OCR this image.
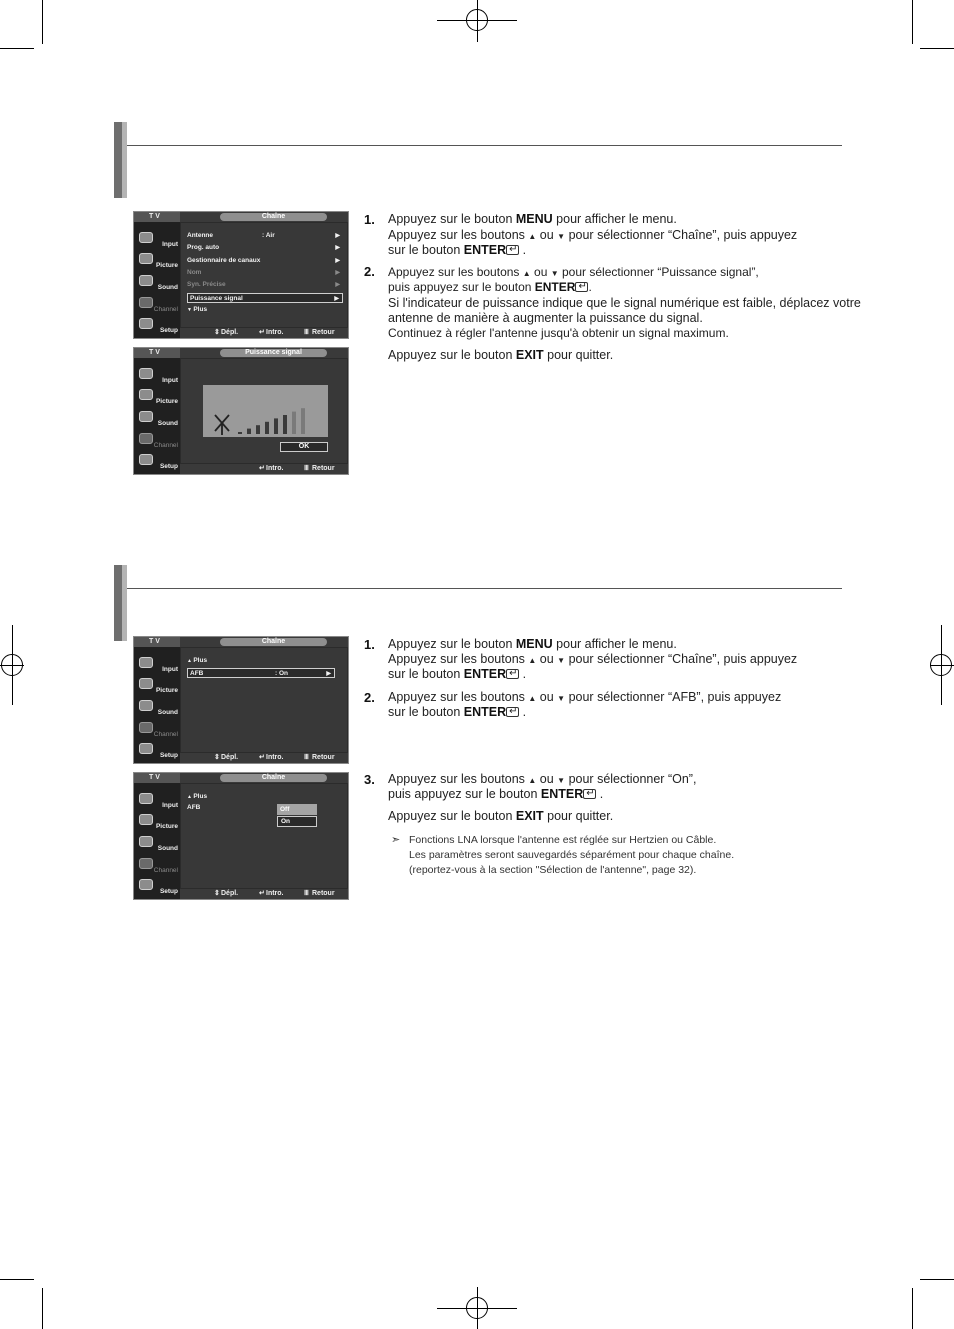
T V	Chaîne
Input
Picture
Sound
Channel
Setup
Antenne	: Air	▶
Prog. auto	▶
Gestionnaire de canaux	▶
Nom	▶
Syn. Précise	▶
Puissance signal	▶
▼ Plus
⇕ Dépl.	↵ Intro.	Ⅲ Retour
T V	Puissance signal
Input
Picture
Sound
Channel
Setup
OK
↵ Intro.	Ⅲ Retour
T V	Chaîne
Input
Picture
Sound
Channel
Setup
▲ Plus
AFB	: On	▶
⇕ Dépl.	↵ Intro.	Ⅲ Retour
T V	Chaîne
Input
Picture
Sound
Channel
Setup
▲ Plus
AFB	Off
On
⇕ Dépl.	↵ Intro.	Ⅲ Retour
1. Appuyez sur le bouton MENU pour afficher le menu.
Appuyez sur les boutons ▲ ou ▼ pour sélectionner “Chaîne”, puis appuyez
sur le bouton ENTER↵ .
2. Appuyez sur les boutons ▲ ou ▼ pour sélectionner “Puissance signal”,
puis appuyez sur le bouton ENTER↵ .
Si l'indicateur de puissance indique que le signal numérique est faible, déplacez votre
antenne de manière à augmenter la puissance du signal.
Continuez à régler l'antenne jusqu'à obtenir un signal maximum.
Appuyez sur le bouton EXIT pour quitter.
1. Appuyez sur le bouton MENU pour afficher le menu.
Appuyez sur les boutons ▲ ou ▼ pour sélectionner “Chaîne”, puis appuyez
sur le bouton ENTER↵ .
2. Appuyez sur les boutons ▲ ou ▼ pour sélectionner “AFB”, puis appuyez
sur le bouton ENTER↵ .
3. Appuyez sur les boutons ▲ ou ▼ pour sélectionner “On”,
puis appuyez sur le bouton ENTER↵ .
Appuyez sur le bouton EXIT pour quitter.
➣ Fonctions LNA lorsque l'antenne est réglée sur Hertzien ou Câble.
Les paramètres seront sauvegardés séparément pour chaque chaîne.
(reportez-vous à la section "Sélection de l'antenne", page 32).
